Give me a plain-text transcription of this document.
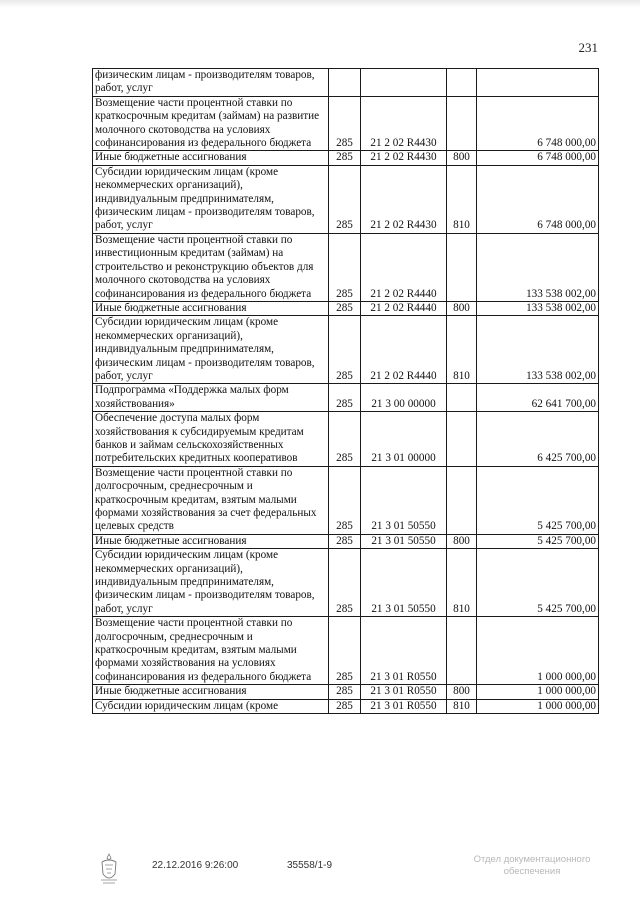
231
физическим лицам - производителям товаров, работ, услуг				
Возмещение части процентной ставки по краткосрочным кредитам (займам) на развитие молочного скотоводства на условиях софинансирования из федерального бюджета	285	21 2 02 R4430		6 748 000,00
Иные бюджетные ассигнования	285	21 2 02 R4430	800	6 748 000,00
Субсидии юридическим лицам (кроме некоммерческих организаций), индивидуальным предпринимателям, физическим лицам - производителям товаров, работ, услуг	285	21 2 02 R4430	810	6 748 000,00
Возмещение части процентной ставки по инвестиционным кредитам (займам) на строительство и реконструкцию объектов для молочного скотоводства на условиях софинансирования из федерального бюджета	285	21 2 02 R4440		133 538 002,00
Иные бюджетные ассигнования	285	21 2 02 R4440	800	133 538 002,00
Субсидии юридическим лицам (кроме некоммерческих организаций), индивидуальным предпринимателям, физическим лицам - производителям товаров, работ, услуг	285	21 2 02 R4440	810	133 538 002,00
Подпрограмма «Поддержка малых форм хозяйствования»	285	21 3 00 00000		62 641 700,00
Обеспечение доступа малых форм хозяйствования к субсидируемым кредитам банков и займам сельскохозяйственных потребительских кредитных кооперативов	285	21 3 01 00000		6 425 700,00
Возмещение части процентной ставки по долгосрочным, среднесрочным и краткосрочным кредитам, взятым малыми формами хозяйствования за счет федеральных целевых средств	285	21 3 01 50550		5 425 700,00
Иные бюджетные ассигнования	285	21 3 01 50550	800	5 425 700,00
Субсидии юридическим лицам (кроме некоммерческих организаций), индивидуальным предпринимателям, физическим лицам - производителям товаров, работ, услуг	285	21 3 01 50550	810	5 425 700,00
Возмещение части процентной ставки по долгосрочным, среднесрочным и краткосрочным кредитам, взятым малыми формами хозяйствования на условиях софинансирования из федерального бюджета	285	21 3 01 R0550		1 000 000,00
Иные бюджетные ассигнования	285	21 3 01 R0550	800	1 000 000,00
Субсидии юридическим лицам (кроме	285	21 3 01 R0550	810	1 000 000,00
22.12.2016 9:26:00	35558/1-9
Отдел документационного обеспечения
